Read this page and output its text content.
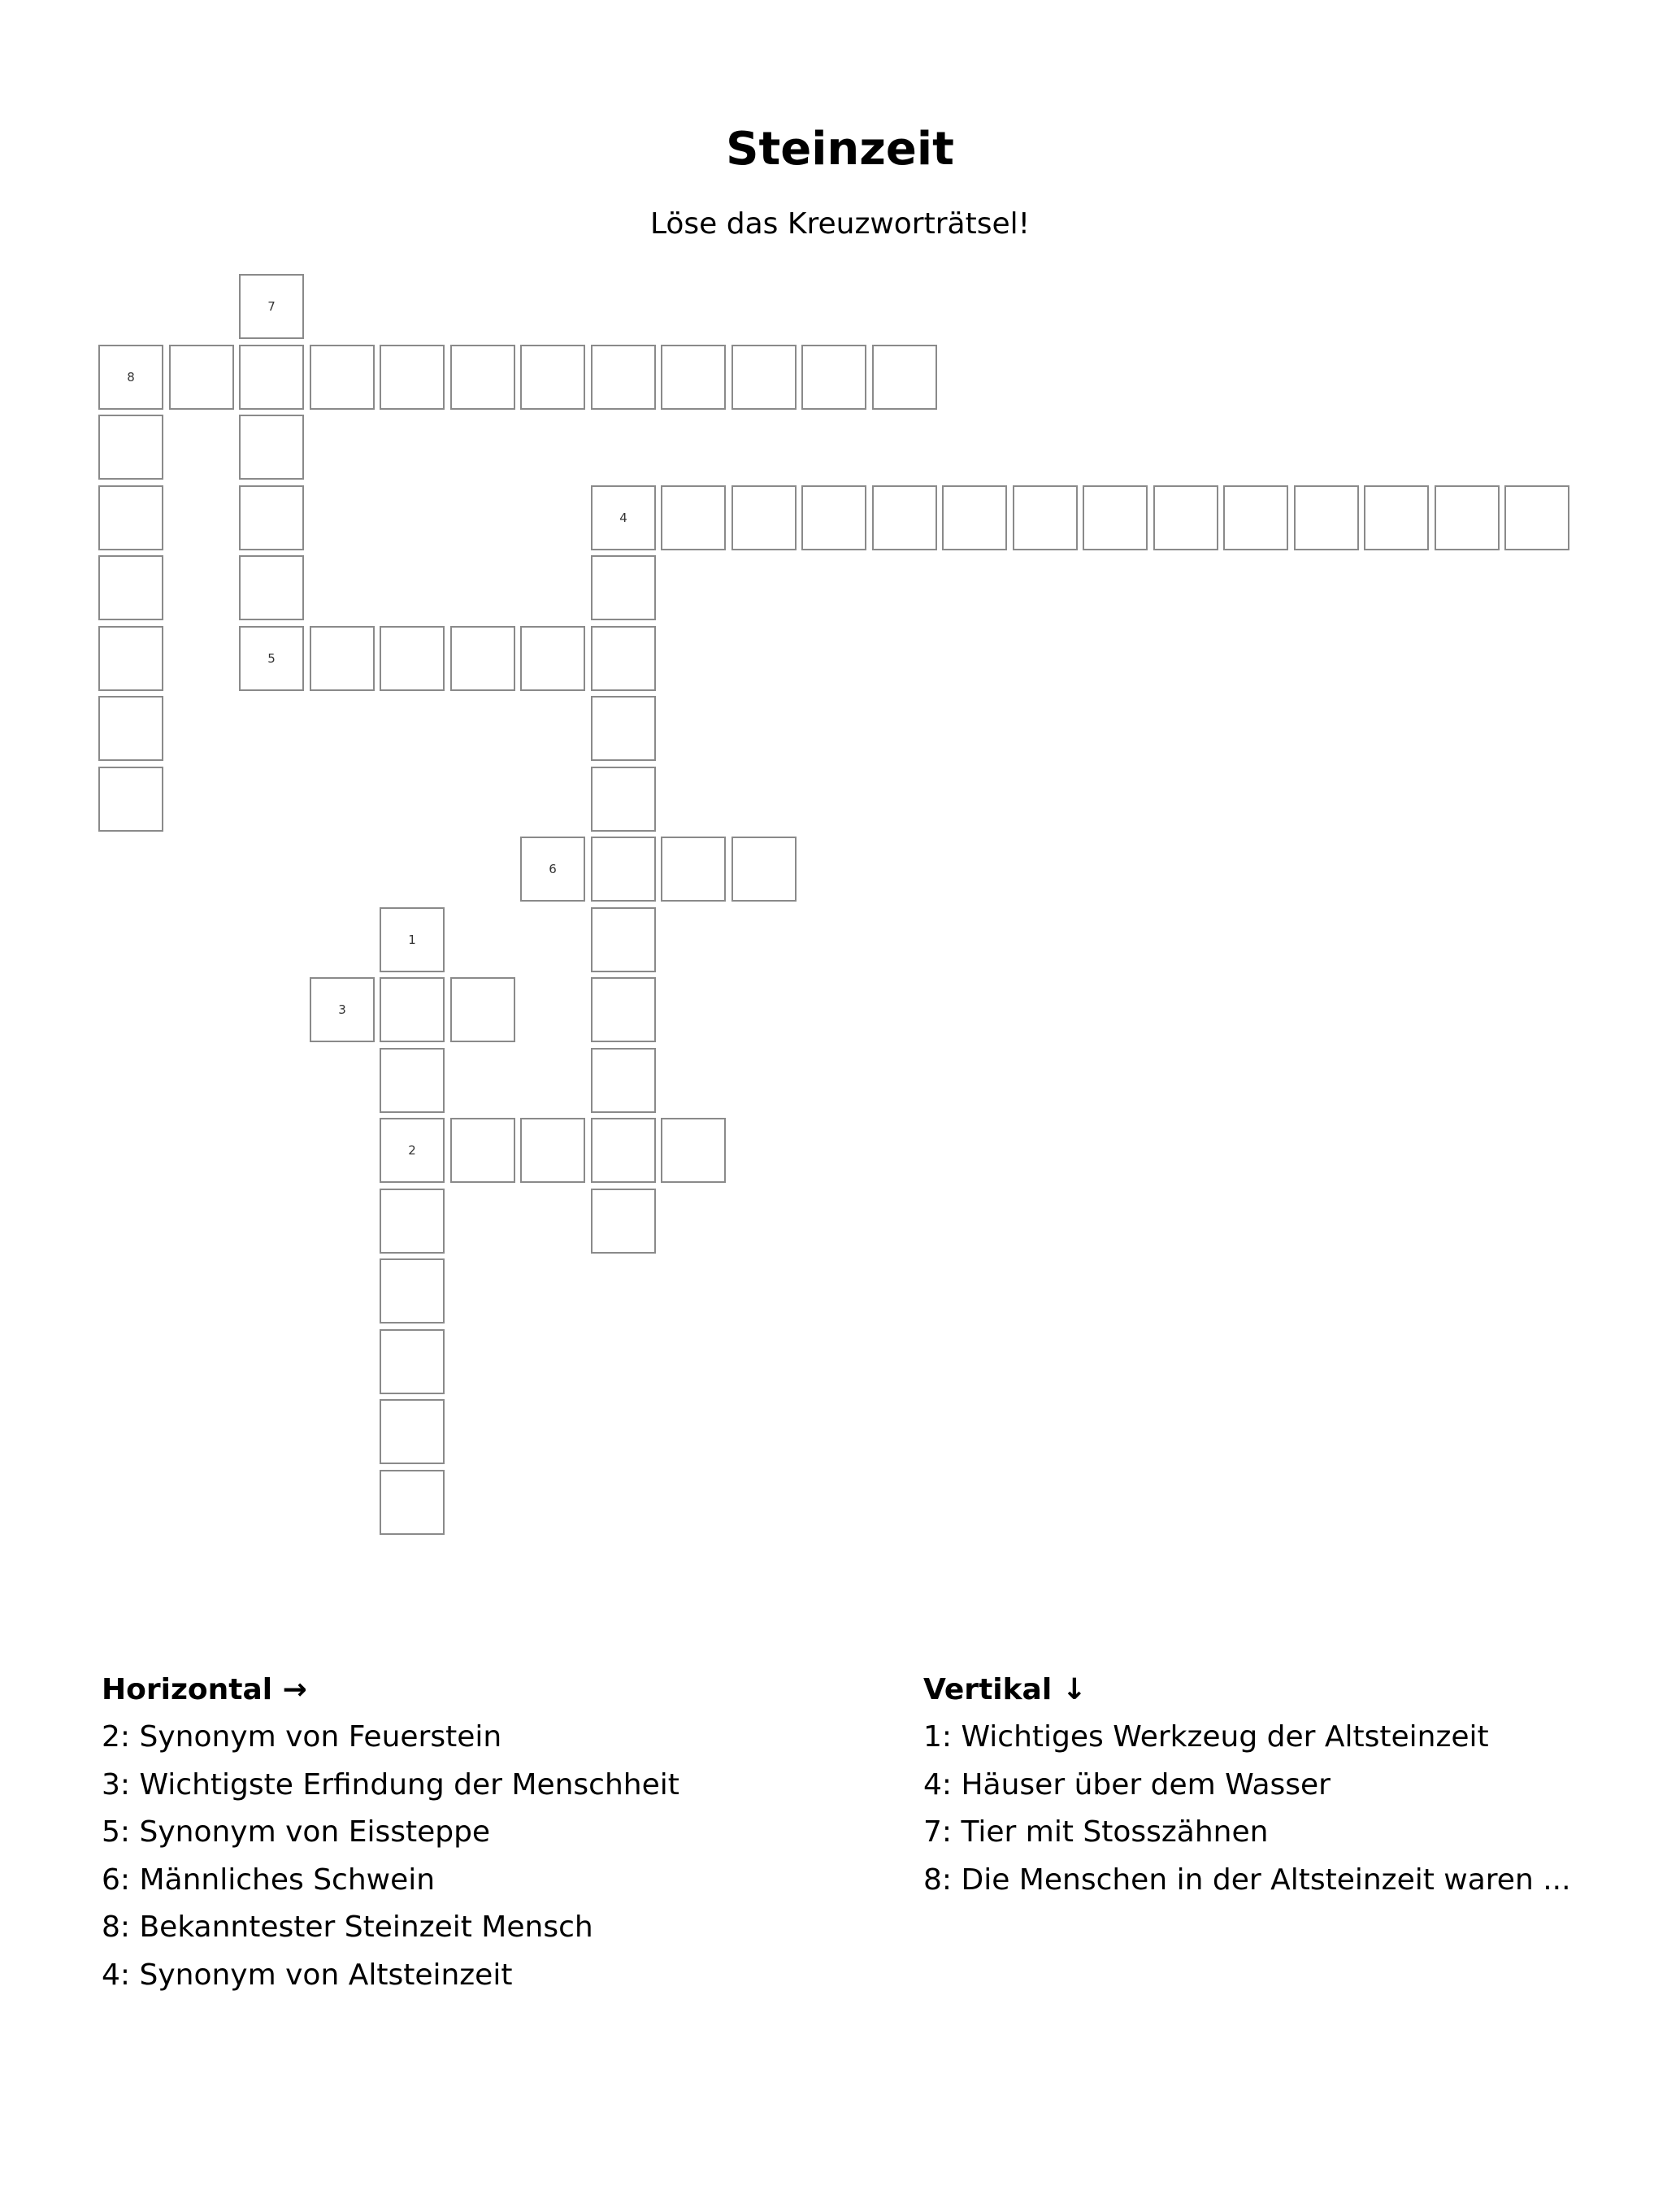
Steinzeit

Löse das Kreuzworträtsel!

7
8
4
5
6
1
3
2
Horizontal →
2: Synonym von Feuerstein
3: Wichtigste Erfindung der Menschheit
5: Synonym von Eissteppe
6: Männliches Schwein
8: Bekanntester Steinzeit Mensch
4: Synonym von Altsteinzeit
Vertikal ↓
1: Wichtiges Werkzeug der Altsteinzeit
4: Häuser über dem Wasser
7: Tier mit Stosszähnen
8: Die Menschen in der Altsteinzeit waren ...
